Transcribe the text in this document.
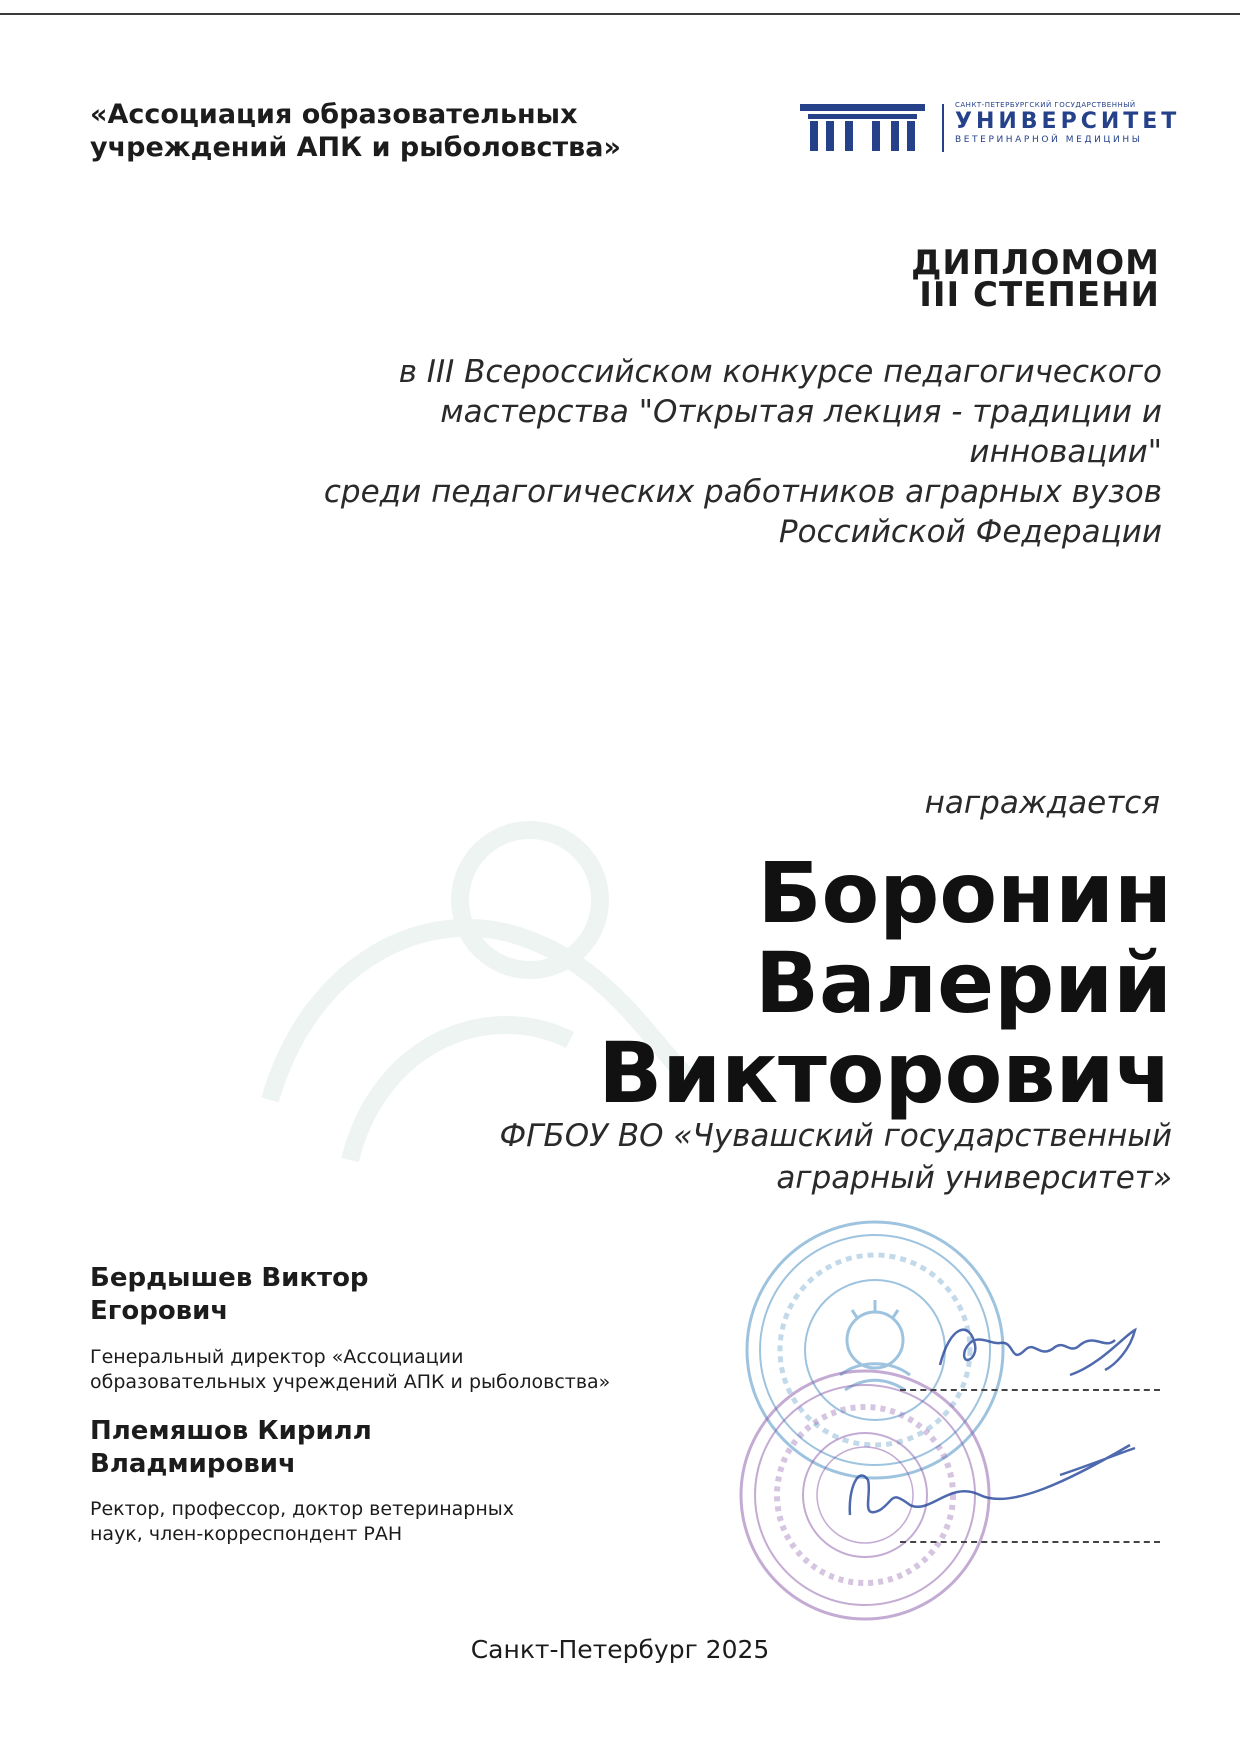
«Ассоциация образовательных
учреждений АПК и рыболовства»
САНКТ-ПЕТЕРБУРГСКИЙ ГОСУДАРСТВЕННЫЙ
УНИВЕРСИТЕТ
ВЕТЕРИНАРНОЙ МЕДИЦИНЫ
ДИПЛОМОМ
III СТЕПЕНИ
в III Всероссийском конкурсе педагогического
мастерства "Открытая лекция - традиции и инновации"
среди педагогических работников аграрных вузов
Российской Федерации
награждается
Боронин
Валерий
Викторович
ФГБОУ ВО «Чувашский государственный
аграрный университет»
Бердышев Виктор
Егорович
Генеральный директор «Ассоциации
образовательных учреждений АПК и рыболовства»
Племяшов Кирилл
Владмирович
Ректор, профессор, доктор ветеринарных
наук, член-корреспондент РАН
Санкт-Петербург 2025
